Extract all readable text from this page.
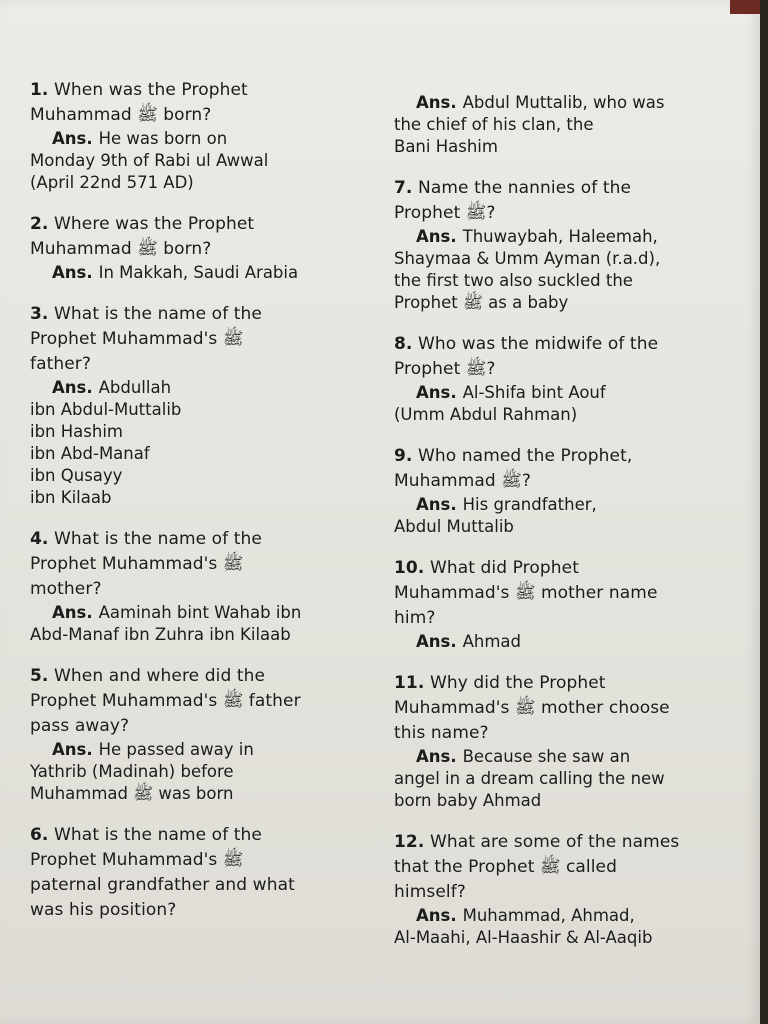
1. When was the Prophet
Muhammad ﷺ born?
Ans. He was born on
Monday 9th of Rabi ul Awwal
(April 22nd 571 AD)
2. Where was the Prophet
Muhammad ﷺ born?
Ans. In Makkah, Saudi Arabia
3. What is the name of the
Prophet Muhammad's ﷺ
father?
Ans. Abdullah
ibn Abdul-Muttalib
ibn Hashim
ibn Abd-Manaf
ibn Qusayy
ibn Kilaab
4. What is the name of the
Prophet Muhammad's ﷺ
mother?
Ans. Aaminah bint Wahab ibn
Abd-Manaf ibn Zuhra ibn Kilaab
5. When and where did the
Prophet Muhammad's ﷺ father
pass away?
Ans. He passed away in
Yathrib (Madinah) before
Muhammad ﷺ was born
6. What is the name of the
Prophet Muhammad's ﷺ
paternal grandfather and what
was his position?
Ans. Abdul Muttalib, who was
the chief of his clan, the
Bani Hashim
7. Name the nannies of the
Prophet ﷺ?
Ans. Thuwaybah, Haleemah,
Shaymaa & Umm Ayman (r.a.d),
the first two also suckled the
Prophet ﷺ as a baby
8. Who was the midwife of the
Prophet ﷺ?
Ans. Al-Shifa bint Aouf
(Umm Abdul Rahman)
9. Who named the Prophet,
Muhammad ﷺ?
Ans. His grandfather,
Abdul Muttalib
10. What did Prophet
Muhammad's ﷺ mother name
him?
Ans. Ahmad
11. Why did the Prophet
Muhammad's ﷺ mother choose
this name?
Ans. Because she saw an
angel in a dream calling the new
born baby Ahmad
12. What are some of the names
that the Prophet ﷺ called
himself?
Ans. Muhammad, Ahmad,
Al-Maahi, Al-Haashir & Al-Aaqib
